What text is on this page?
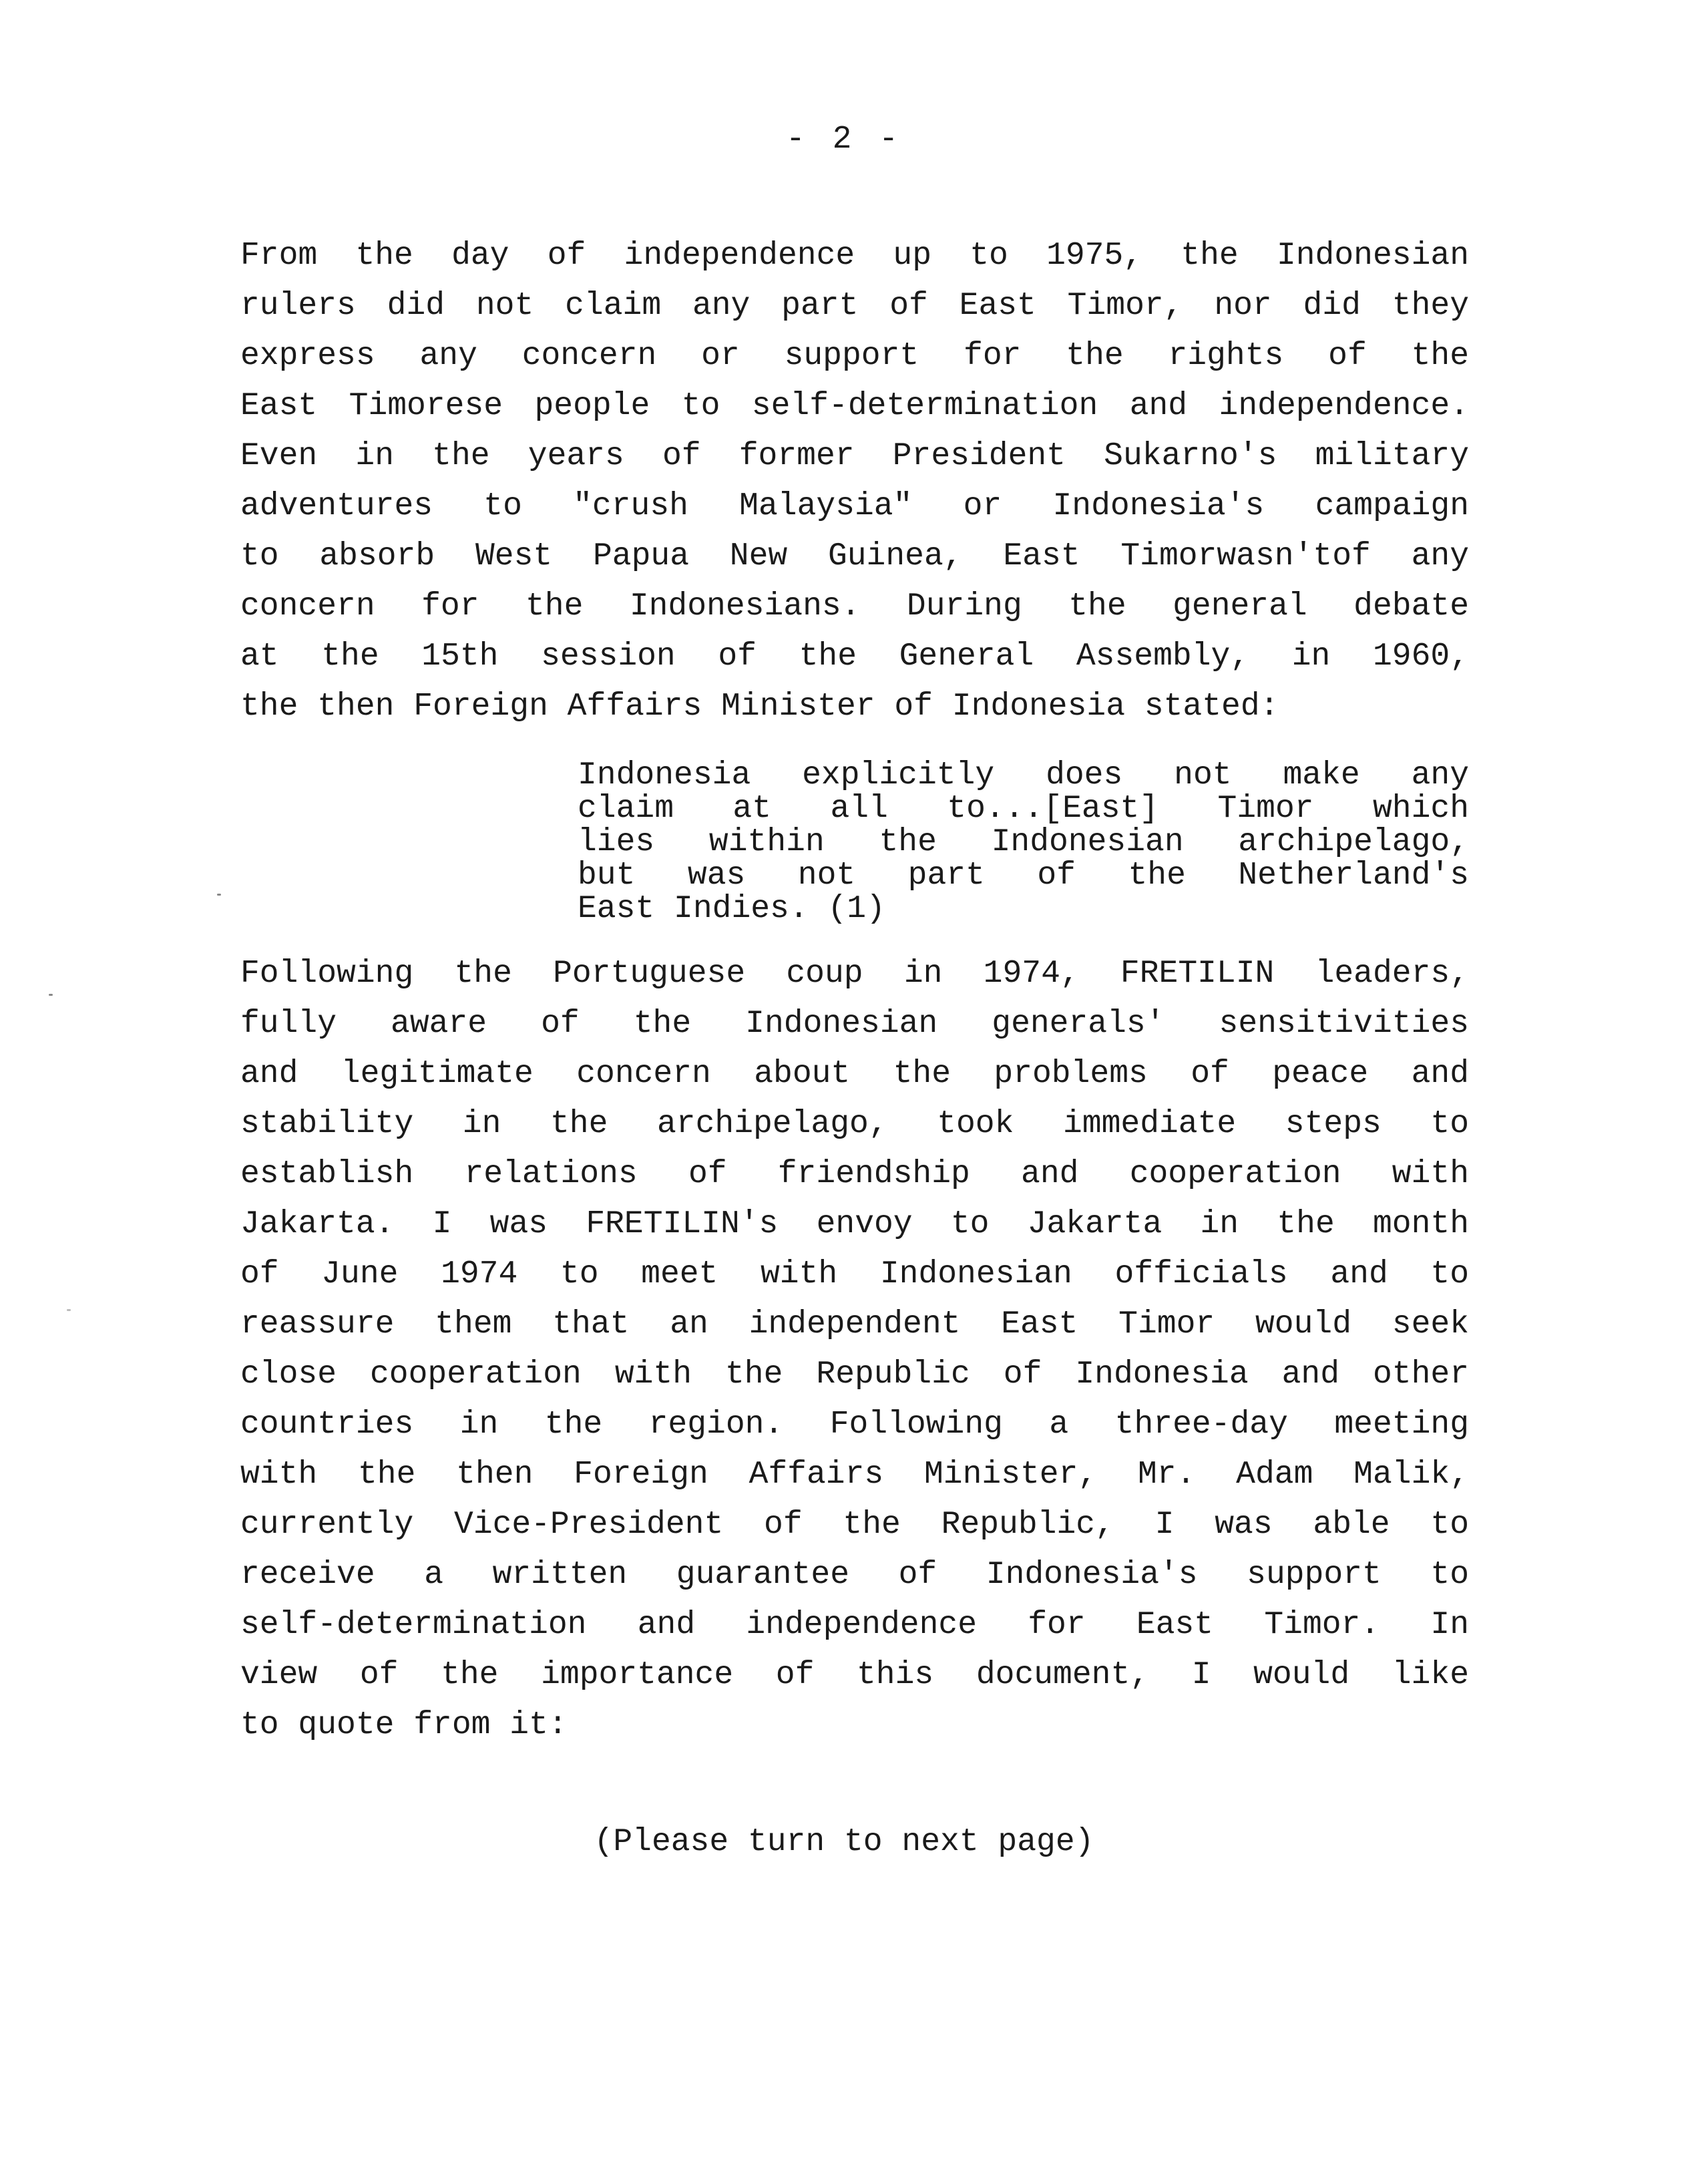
- 2 -
From the day of independence up to 1975, the Indonesian
rulers did not claim any part of East Timor, nor did they
express any concern or support for the rights of the
East Timorese people to self-determination and independence.
Even in the years of former President Sukarno's military
adventures to "crush Malaysia" or Indonesia's campaign
to absorb West Papua New Guinea, East Timorwasn'tof any
concern for the Indonesians. During the general debate
at the 15th session of the General Assembly, in 1960,
the then Foreign Affairs Minister of Indonesia stated:
Indonesia explicitly does not make any
claim at all to...[East] Timor which
lies within the Indonesian archipelago,
but was not part of the Netherland's
East Indies. (1)
Following the Portuguese coup in 1974, FRETILIN leaders,
fully aware of the Indonesian generals' sensitivities
and legitimate concern about the problems of peace and
stability in the archipelago, took immediate steps to
establish relations of friendship and cooperation with
Jakarta. I was FRETILIN's envoy to Jakarta in the month
of June 1974 to meet with Indonesian officials and to
reassure them that an independent East Timor would seek
close cooperation with the Republic of Indonesia and other
countries in the region. Following a three-day meeting
with the then Foreign Affairs Minister, Mr. Adam Malik,
currently Vice-President of the Republic, I was able to
receive a written guarantee of Indonesia's support to
self-determination and independence for East Timor. In
view of the importance of this document, I would like
to quote from it:
(Please turn to next page)
